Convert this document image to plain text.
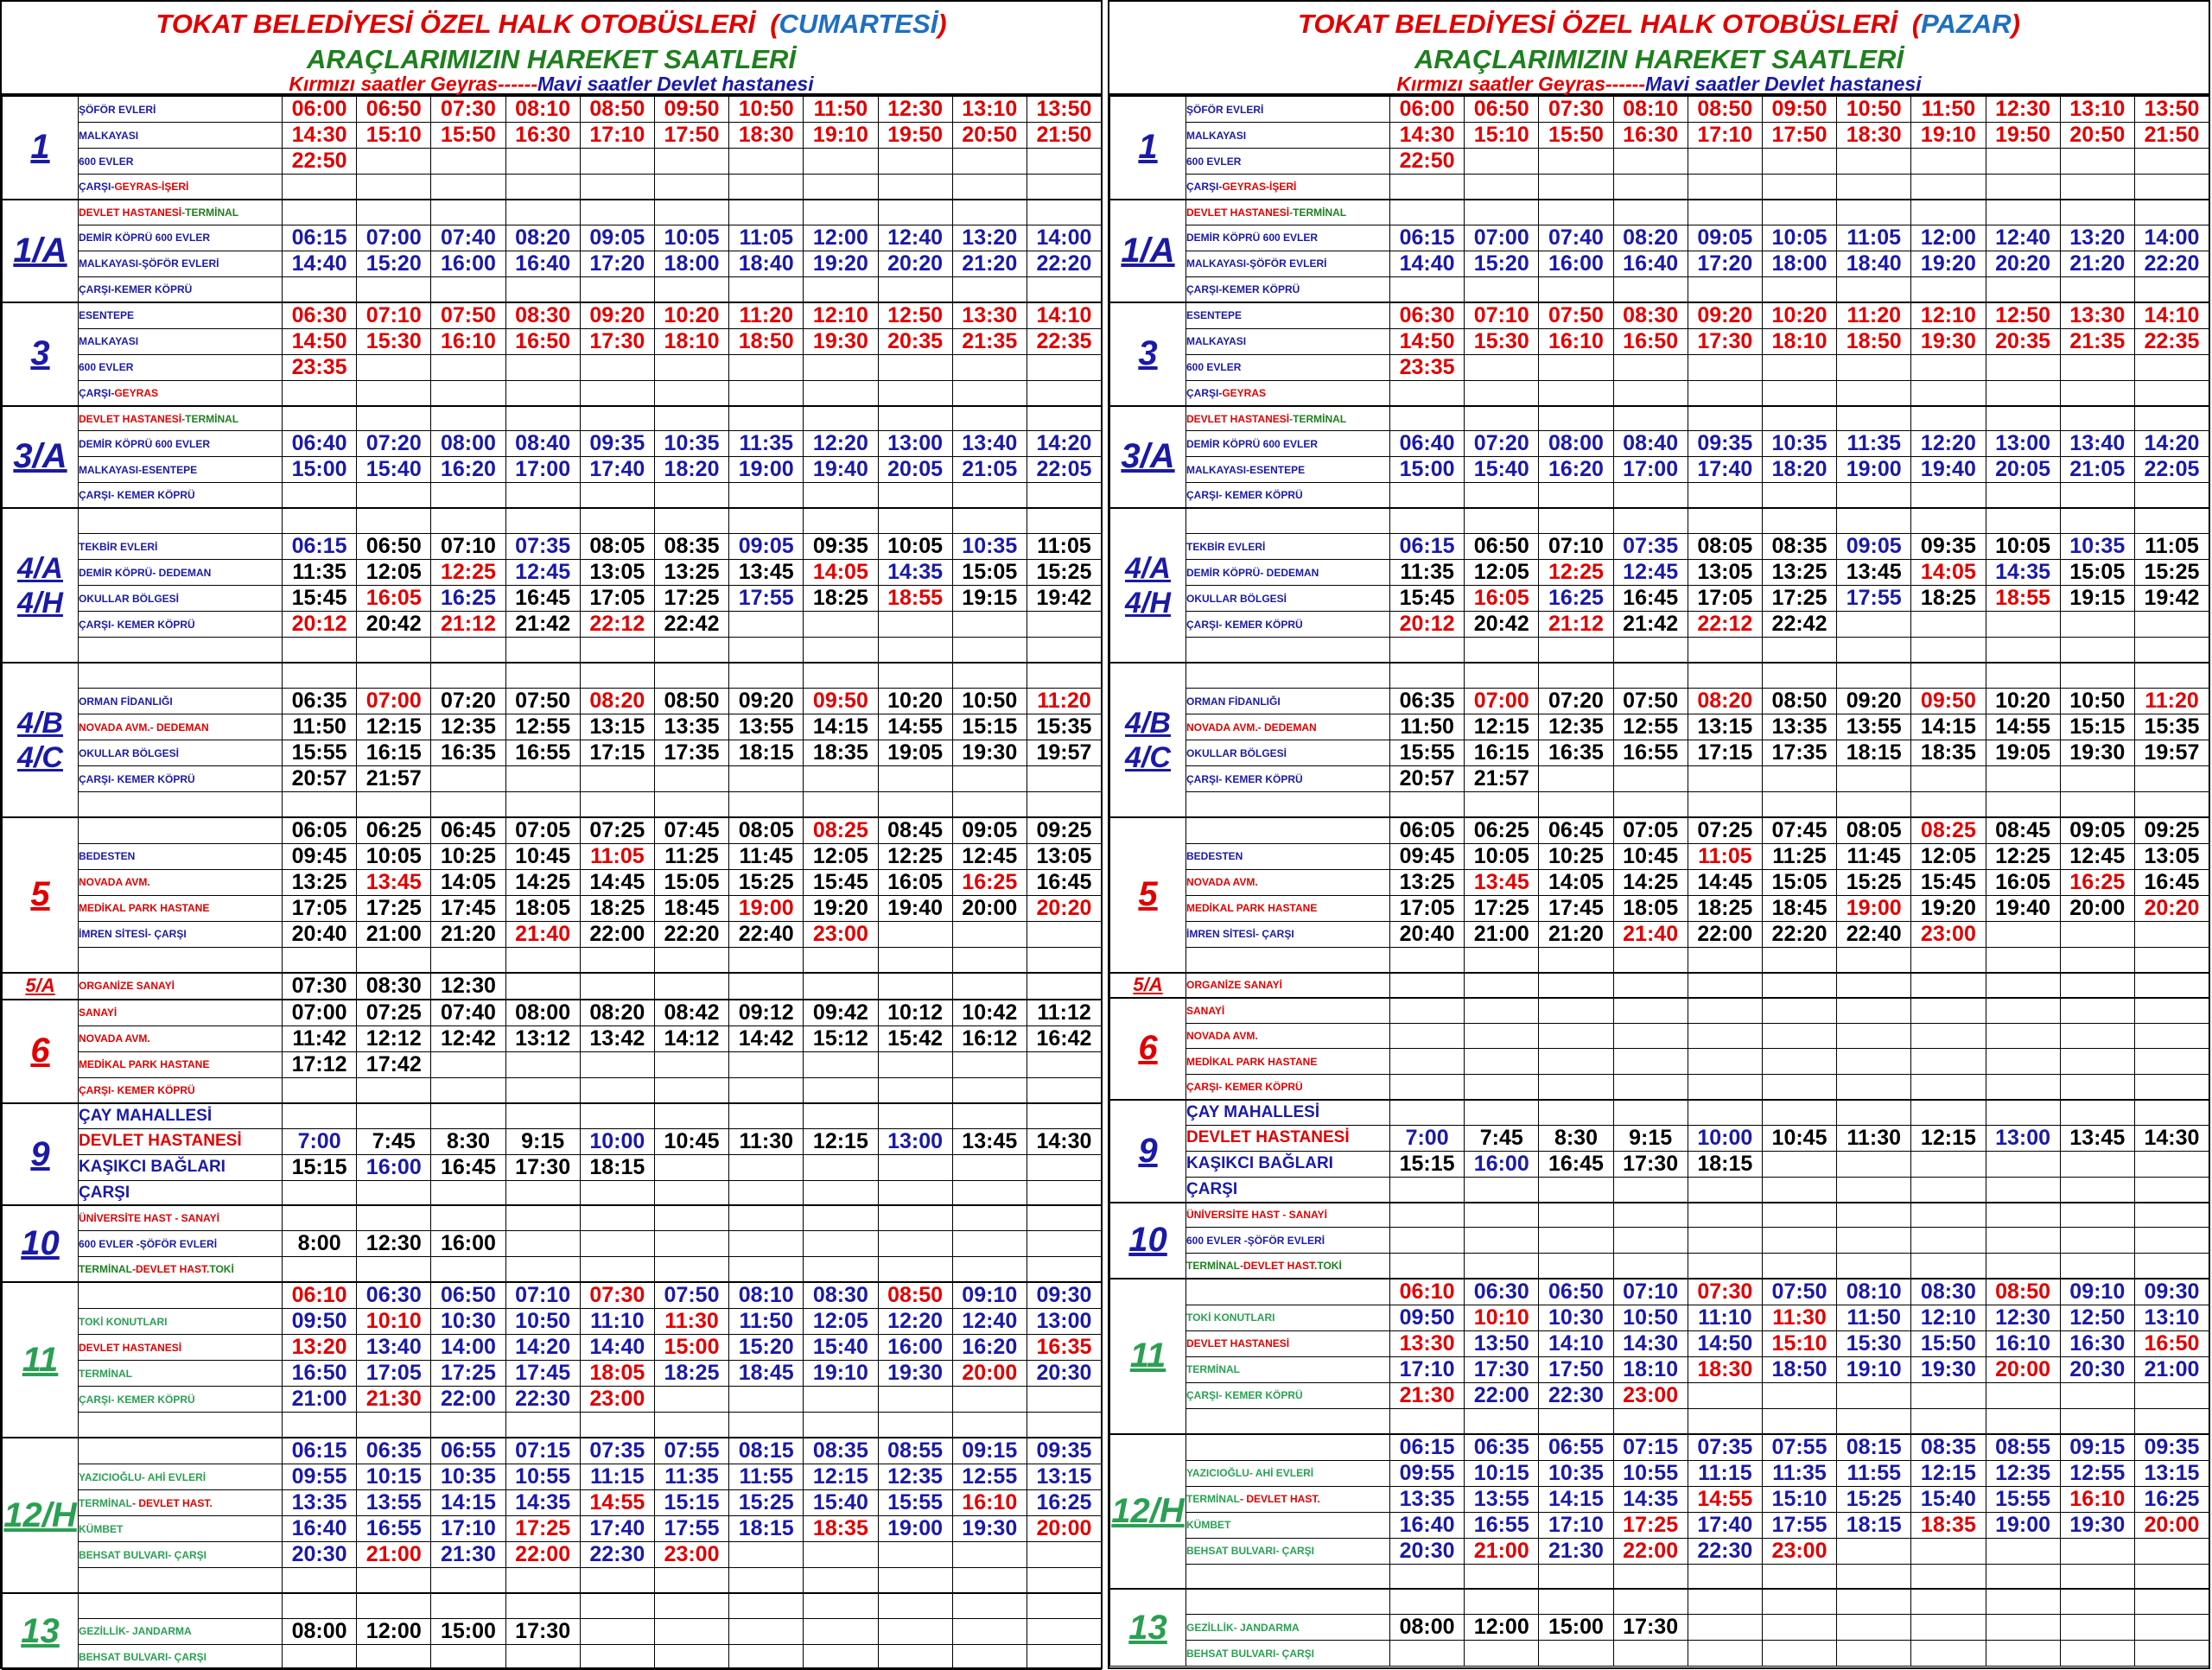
TOKAT BELEDİYESİ ÖZEL HALK OTOBÜSLERİ  (CUMARTESİ)
ARAÇLARIMIZIN HAREKET SAATLERİ
Kırmızı saatler Geyras------Mavi saatler Devlet hastanesi
1	ŞÖFÖR EVLERİ	06:00	06:50	07:30	08:10	08:50	09:50	10:50	11:50	12:30	13:10	13:50
	MALKAYASI	14:30	15:10	15:50	16:30	17:10	17:50	18:30	19:10	19:50	20:50	21:50
	600 EVLER	22:50										
	ÇARŞI-GEYRAS-İŞERİ											
1/A	DEVLET HASTANESİ-TERMİNAL											
	DEMİR KÖPRÜ 600 EVLER	06:15	07:00	07:40	08:20	09:05	10:05	11:05	12:00	12:40	13:20	14:00
	MALKAYASI-ŞÖFÖR EVLERİ	14:40	15:20	16:00	16:40	17:20	18:00	18:40	19:20	20:20	21:20	22:20
	ÇARŞI-KEMER KÖPRÜ											
3	ESENTEPE	06:30	07:10	07:50	08:30	09:20	10:20	11:20	12:10	12:50	13:30	14:10
	MALKAYASI	14:50	15:30	16:10	16:50	17:30	18:10	18:50	19:30	20:35	21:35	22:35
	600 EVLER	23:35										
	ÇARŞI-GEYRAS											
3/A	DEVLET HASTANESİ-TERMİNAL											
	DEMİR KÖPRÜ 600 EVLER	06:40	07:20	08:00	08:40	09:35	10:35	11:35	12:20	13:00	13:40	14:20
	MALKAYASI-ESENTEPE	15:00	15:40	16:20	17:00	17:40	18:20	19:00	19:40	20:05	21:05	22:05
	ÇARŞI- KEMER KÖPRÜ											
4/A
4/H												
	TEKBİR EVLERİ	06:15	06:50	07:10	07:35	08:05	08:35	09:05	09:35	10:05	10:35	11:05
	DEMİR KÖPRÜ- DEDEMAN	11:35	12:05	12:25	12:45	13:05	13:25	13:45	14:05	14:35	15:05	15:25
	OKULLAR BÖLGESİ	15:45	16:05	16:25	16:45	17:05	17:25	17:55	18:25	18:55	19:15	19:42
	ÇARŞI- KEMER KÖPRÜ	20:12	20:42	21:12	21:42	22:12	22:42					

4/B
4/C												
	ORMAN FİDANLIĞI	06:35	07:00	07:20	07:50	08:20	08:50	09:20	09:50	10:20	10:50	11:20
	NOVADA AVM.- DEDEMAN	11:50	12:15	12:35	12:55	13:15	13:35	13:55	14:15	14:55	15:15	15:35
	OKULLAR BÖLGESİ	15:55	16:15	16:35	16:55	17:15	17:35	18:15	18:35	19:05	19:30	19:57
	ÇARŞI- KEMER KÖPRÜ	20:57	21:57									

5		06:05	06:25	06:45	07:05	07:25	07:45	08:05	08:25	08:45	09:05	09:25
	BEDESTEN	09:45	10:05	10:25	10:45	11:05	11:25	11:45	12:05	12:25	12:45	13:05
	NOVADA AVM.	13:25	13:45	14:05	14:25	14:45	15:05	15:25	15:45	16:05	16:25	16:45
	MEDİKAL PARK HASTANE	17:05	17:25	17:45	18:05	18:25	18:45	19:00	19:20	19:40	20:00	20:20
	İMREN SİTESİ- ÇARŞI	20:40	21:00	21:20	21:40	22:00	22:20	22:40	23:00			

5/A	ORGANİZE SANAYİ	07:30	08:30	12:30								
6	SANAYİ	07:00	07:25	07:40	08:00	08:20	08:42	09:12	09:42	10:12	10:42	11:12
	NOVADA AVM.	11:42	12:12	12:42	13:12	13:42	14:12	14:42	15:12	15:42	16:12	16:42
	MEDİKAL PARK HASTANE	17:12	17:42									
	ÇARŞI- KEMER KÖPRÜ											
9	ÇAY MAHALLESİ											
	DEVLET HASTANESİ	7:00	7:45	8:30	9:15	10:00	10:45	11:30	12:15	13:00	13:45	14:30
	KAŞIKCI BAĞLARI	15:15	16:00	16:45	17:30	18:15						
	ÇARŞI											
10	ÜNİVERSİTE HAST - SANAYİ											
	600 EVLER -ŞÖFÖR EVLERİ	8:00	12:30	16:00								
	TERMİNAL-DEVLET HAST.TOKİ											
11		06:10	06:30	06:50	07:10	07:30	07:50	08:10	08:30	08:50	09:10	09:30
	TOKİ KONUTLARI	09:50	10:10	10:30	10:50	11:10	11:30	11:50	12:05	12:20	12:40	13:00
	DEVLET HASTANESİ	13:20	13:40	14:00	14:20	14:40	15:00	15:20	15:40	16:00	16:20	16:35
	TERMİNAL	16:50	17:05	17:25	17:45	18:05	18:25	18:45	19:10	19:30	20:00	20:30
	ÇARŞI- KEMER KÖPRÜ	21:00	21:30	22:00	22:30	23:00						

12/H		06:15	06:35	06:55	07:15	07:35	07:55	08:15	08:35	08:55	09:15	09:35
	YAZICIOĞLU- AHİ EVLERİ	09:55	10:15	10:35	10:55	11:15	11:35	11:55	12:15	12:35	12:55	13:15
	TERMİNAL- DEVLET HAST.	13:35	13:55	14:15	14:35	14:55	15:15	15:25	15:40	15:55	16:10	16:25
	KÜMBET	16:40	16:55	17:10	17:25	17:40	17:55	18:15	18:35	19:00	19:30	20:00
	BEHSAT BULVARI- ÇARŞI	20:30	21:00	21:30	22:00	22:30	23:00					

13												
	GEZİLLİK- JANDARMA	08:00	12:00	15:00	17:30							
	BEHSAT BULVARI- ÇARŞI											
TOKAT BELEDİYESİ ÖZEL HALK OTOBÜSLERİ  (PAZAR)
ARAÇLARIMIZIN HAREKET SAATLERİ
Kırmızı saatler Geyras------Mavi saatler Devlet hastanesi
1	ŞÖFÖR EVLERİ	06:00	06:50	07:30	08:10	08:50	09:50	10:50	11:50	12:30	13:10	13:50
	MALKAYASI	14:30	15:10	15:50	16:30	17:10	17:50	18:30	19:10	19:50	20:50	21:50
	600 EVLER	22:50										
	ÇARŞI-GEYRAS-İŞERİ											
1/A	DEVLET HASTANESİ-TERMİNAL											
	DEMİR KÖPRÜ 600 EVLER	06:15	07:00	07:40	08:20	09:05	10:05	11:05	12:00	12:40	13:20	14:00
	MALKAYASI-ŞÖFÖR EVLERİ	14:40	15:20	16:00	16:40	17:20	18:00	18:40	19:20	20:20	21:20	22:20
	ÇARŞI-KEMER KÖPRÜ											
3	ESENTEPE	06:30	07:10	07:50	08:30	09:20	10:20	11:20	12:10	12:50	13:30	14:10
	MALKAYASI	14:50	15:30	16:10	16:50	17:30	18:10	18:50	19:30	20:35	21:35	22:35
	600 EVLER	23:35										
	ÇARŞI-GEYRAS											
3/A	DEVLET HASTANESİ-TERMİNAL											
	DEMİR KÖPRÜ 600 EVLER	06:40	07:20	08:00	08:40	09:35	10:35	11:35	12:20	13:00	13:40	14:20
	MALKAYASI-ESENTEPE	15:00	15:40	16:20	17:00	17:40	18:20	19:00	19:40	20:05	21:05	22:05
	ÇARŞI- KEMER KÖPRÜ											
4/A
4/H												
	TEKBİR EVLERİ	06:15	06:50	07:10	07:35	08:05	08:35	09:05	09:35	10:05	10:35	11:05
	DEMİR KÖPRÜ- DEDEMAN	11:35	12:05	12:25	12:45	13:05	13:25	13:45	14:05	14:35	15:05	15:25
	OKULLAR BÖLGESİ	15:45	16:05	16:25	16:45	17:05	17:25	17:55	18:25	18:55	19:15	19:42
	ÇARŞI- KEMER KÖPRÜ	20:12	20:42	21:12	21:42	22:12	22:42					

4/B
4/C												
	ORMAN FİDANLIĞI	06:35	07:00	07:20	07:50	08:20	08:50	09:20	09:50	10:20	10:50	11:20
	NOVADA AVM.- DEDEMAN	11:50	12:15	12:35	12:55	13:15	13:35	13:55	14:15	14:55	15:15	15:35
	OKULLAR BÖLGESİ	15:55	16:15	16:35	16:55	17:15	17:35	18:15	18:35	19:05	19:30	19:57
	ÇARŞI- KEMER KÖPRÜ	20:57	21:57									

5		06:05	06:25	06:45	07:05	07:25	07:45	08:05	08:25	08:45	09:05	09:25
	BEDESTEN	09:45	10:05	10:25	10:45	11:05	11:25	11:45	12:05	12:25	12:45	13:05
	NOVADA AVM.	13:25	13:45	14:05	14:25	14:45	15:05	15:25	15:45	16:05	16:25	16:45
	MEDİKAL PARK HASTANE	17:05	17:25	17:45	18:05	18:25	18:45	19:00	19:20	19:40	20:00	20:20
	İMREN SİTESİ- ÇARŞI	20:40	21:00	21:20	21:40	22:00	22:20	22:40	23:00			

5/A	ORGANİZE SANAYİ											
6	SANAYİ											
	NOVADA AVM.											
	MEDİKAL PARK HASTANE											
	ÇARŞI- KEMER KÖPRÜ											
9	ÇAY MAHALLESİ											
	DEVLET HASTANESİ	7:00	7:45	8:30	9:15	10:00	10:45	11:30	12:15	13:00	13:45	14:30
	KAŞIKCI BAĞLARI	15:15	16:00	16:45	17:30	18:15						
	ÇARŞI											
10	ÜNİVERSİTE HAST - SANAYİ											
	600 EVLER -ŞÖFÖR EVLERİ											
	TERMİNAL-DEVLET HAST.TOKİ											
11		06:10	06:30	06:50	07:10	07:30	07:50	08:10	08:30	08:50	09:10	09:30
	TOKİ KONUTLARI	09:50	10:10	10:30	10:50	11:10	11:30	11:50	12:10	12:30	12:50	13:10
	DEVLET HASTANESİ	13:30	13:50	14:10	14:30	14:50	15:10	15:30	15:50	16:10	16:30	16:50
	TERMİNAL	17:10	17:30	17:50	18:10	18:30	18:50	19:10	19:30	20:00	20:30	21:00
	ÇARŞI- KEMER KÖPRÜ	21:30	22:00	22:30	23:00							

12/H		06:15	06:35	06:55	07:15	07:35	07:55	08:15	08:35	08:55	09:15	09:35
	YAZICIOĞLU- AHİ EVLERİ	09:55	10:15	10:35	10:55	11:15	11:35	11:55	12:15	12:35	12:55	13:15
	TERMİNAL- DEVLET HAST.	13:35	13:55	14:15	14:35	14:55	15:10	15:25	15:40	15:55	16:10	16:25
	KÜMBET	16:40	16:55	17:10	17:25	17:40	17:55	18:15	18:35	19:00	19:30	20:00
	BEHSAT BULVARI- ÇARŞI	20:30	21:00	21:30	22:00	22:30	23:00					

13												
	GEZİLLİK- JANDARMA	08:00	12:00	15:00	17:30							
	BEHSAT BULVARI- ÇARŞI											
